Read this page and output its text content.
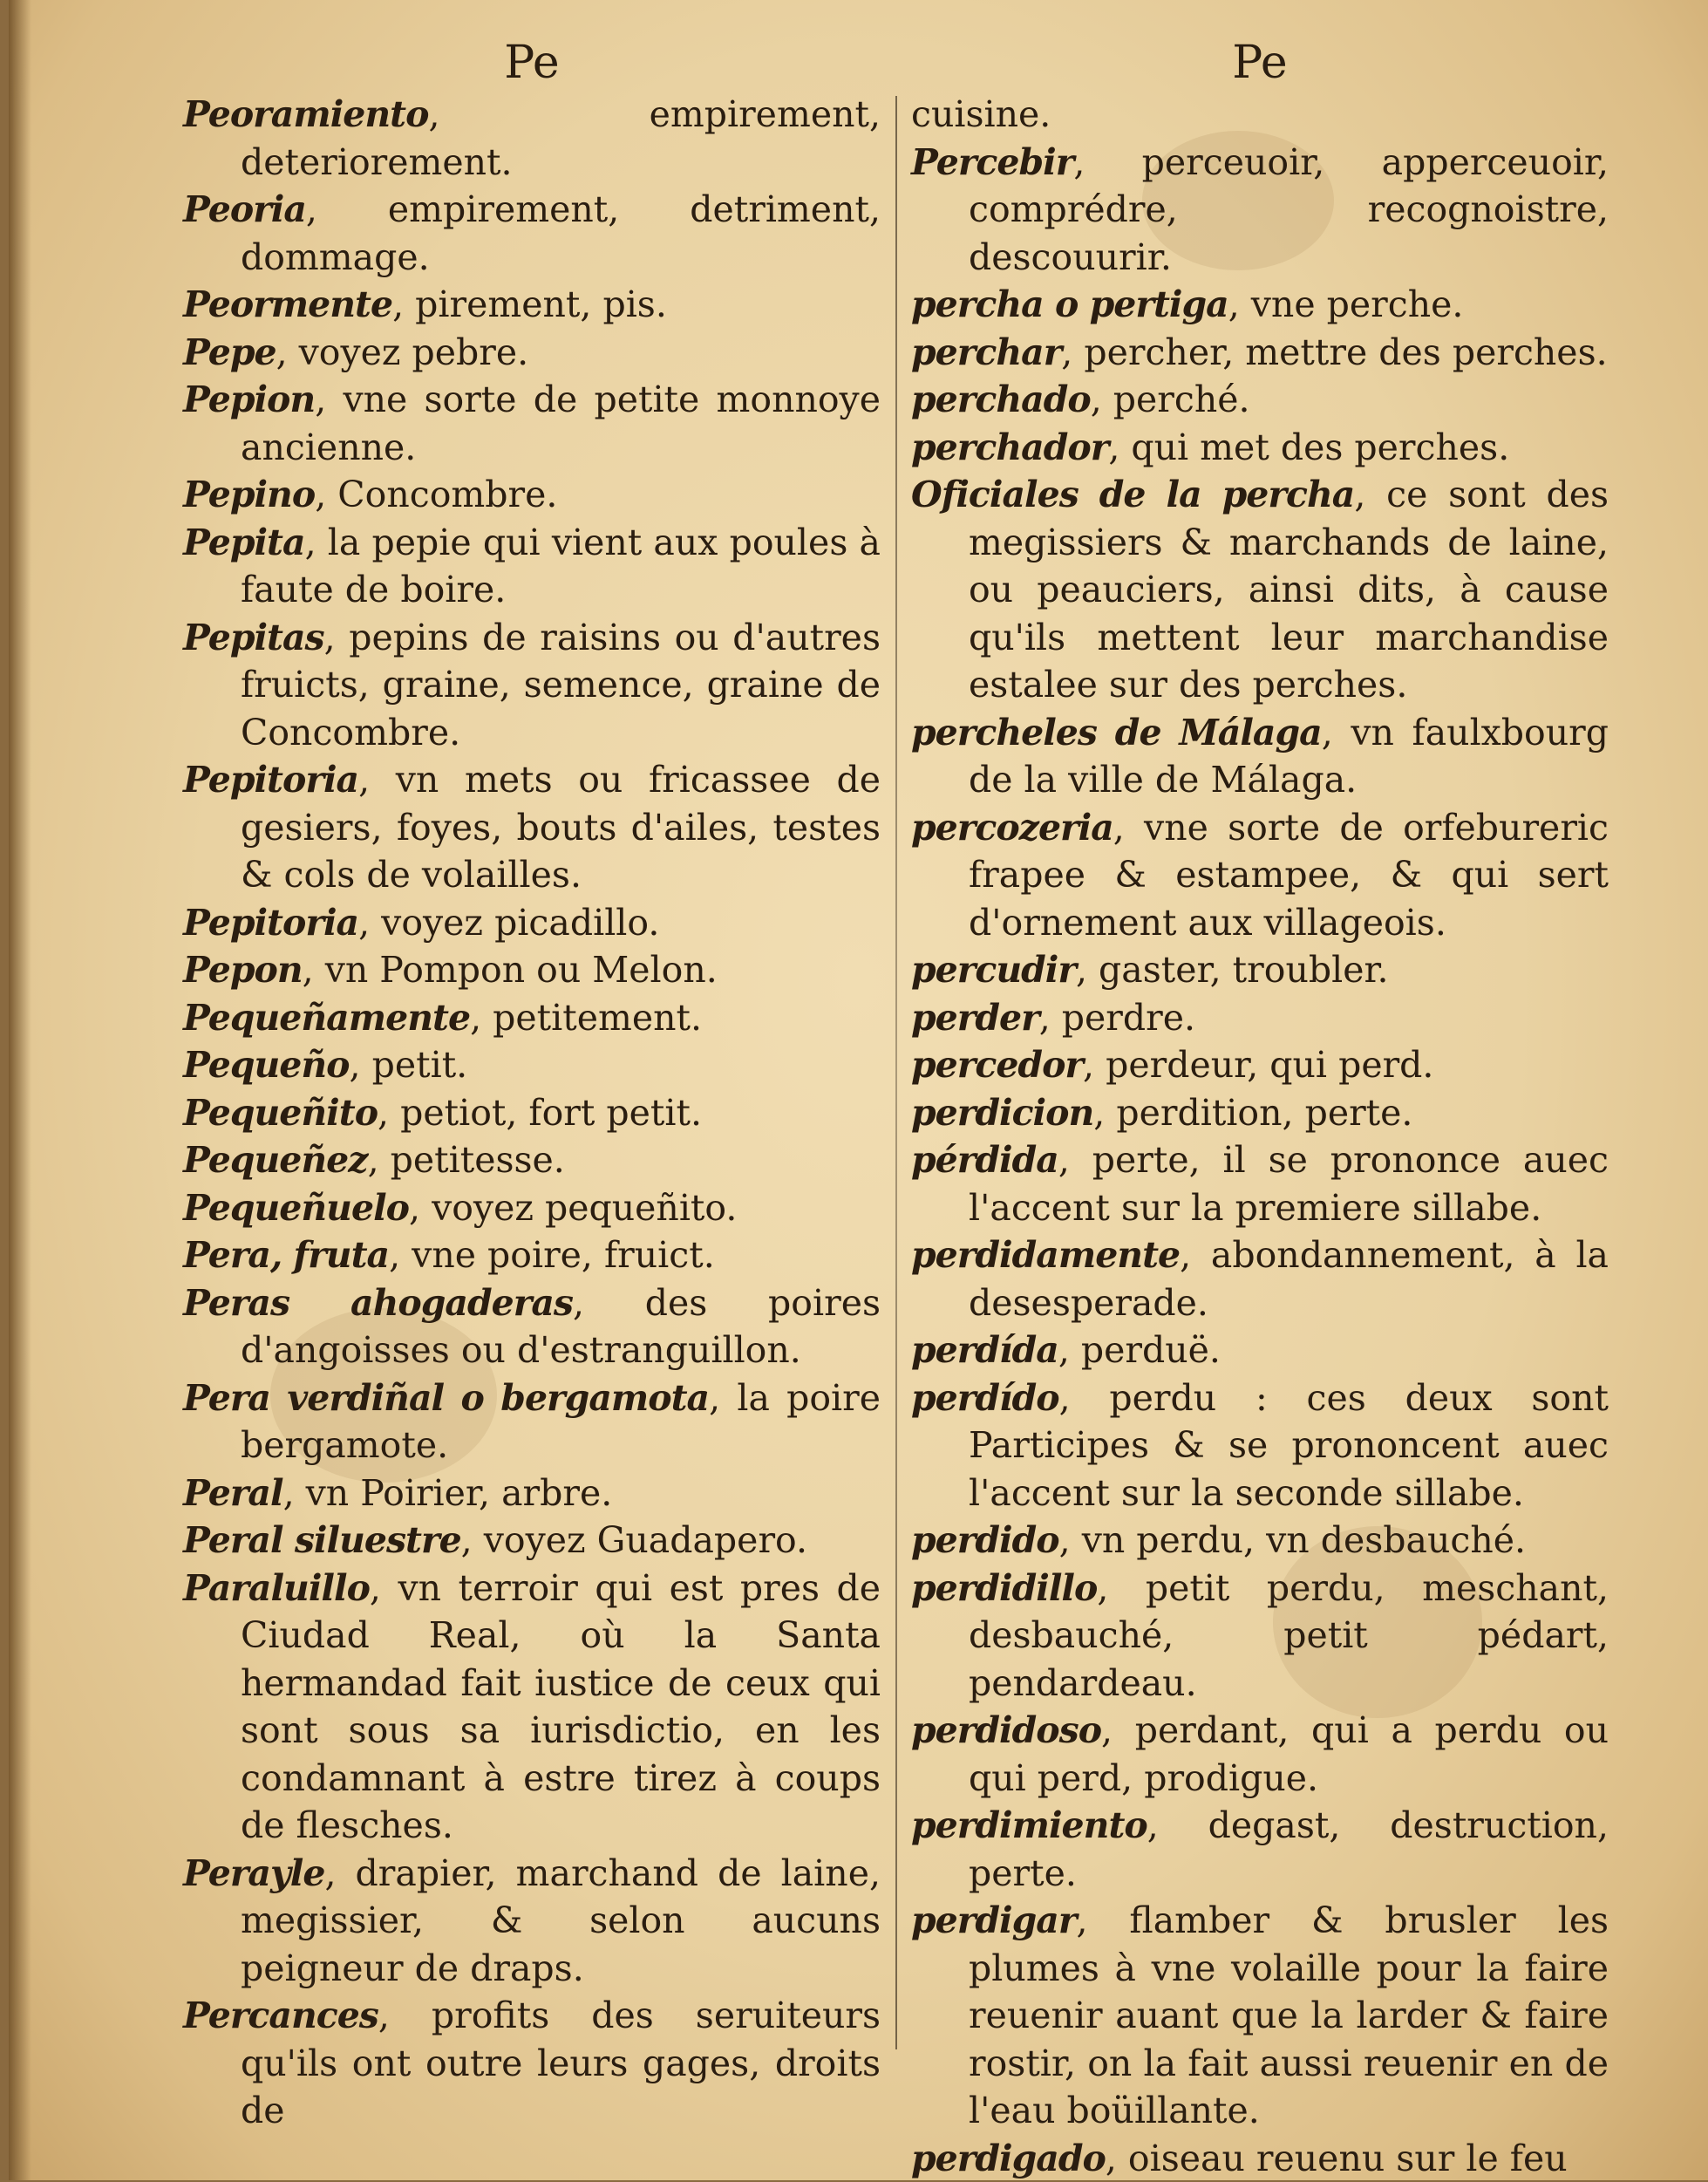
Pe

Peoramiento, empirement, deteriorement.

Peoria, empirement, detriment, dommage.

Peormente, pirement, pis.

Pepe, voyez pebre.

Pepion, vne sorte de petite monnoye ancienne.

Pepino, Concombre.

Pepita, la pepie qui vient aux poules à faute de boire.

Pepitas, pepins de raisins ou d'autres fruicts, graine, semence, graine de Concombre.

Pepitoria, vn mets ou fricassee de gesiers, foyes, bouts d'ailes, testes & cols de volailles.

Pepitoria, voyez picadillo.

Pepon, vn Pompon ou Melon.

Pequeñamente, petitement.

Pequeño, petit.

Pequeñito, petiot, fort petit.

Pequeñez, petitesse.

Pequeñuelo, voyez pequeñito.

Pera, fruta, vne poire, fruict.

Peras ahogaderas, des poires d'angoisses ou d'estranguillon.

Pera verdiñal o bergamota, la poire bergamote.

Peral, vn Poirier, arbre.

Peral siluestre, voyez Guadapero.

Paraluillo, vn terroir qui est pres de Ciudad Real, où la Santa hermandad fait iustice de ceux qui sont sous sa iurisdictio, en les condamnant à estre tirez à coups de flesches.

Perayle, drapier, marchand de laine, megissier, & selon aucuns peigneur de draps.

Percances, profits des seruiteurs qu'ils ont outre leurs gages, droits de

Pe

cuisine.

Percebir, perceuoir, apperceuoir, comprédre, recognoistre, descouurir.

percha o pertiga, vne perche.

perchar, percher, mettre des perches.

perchado, perché.

perchador, qui met des perches.

Oficiales de la percha, ce sont des megissiers & marchands de laine, ou peauciers, ainsi dits, à cause qu'ils mettent leur marchandise estalee sur des perches.

percheles de Málaga, vn faulxbourg de la ville de Málaga.

percozeria, vne sorte de orfebureric frapee & estampee, & qui sert d'ornement aux villageois.

percudir, gaster, troubler.

perder, perdre.

percedor, perdeur, qui perd.

perdicion, perdition, perte.

pérdida, perte, il se prononce auec l'accent sur la premiere sillabe.

perdidamente, abondannement, à la desesperade.

perdída, perduë.

perdído, perdu : ces deux sont Participes & se prononcent auec l'accent sur la seconde sillabe.

perdido, vn perdu, vn desbauché.

perdidillo, petit perdu, meschant, desbauché, petit pédart, pendardeau.

perdidoso, perdant, qui a perdu ou qui perd, prodigue.

perdimiento, degast, destruction, perte.

perdigar, flamber & brusler les plumes à vne volaille pour la faire reuenir auant que la larder & faire rostir, on la fait aussi reuenir en de l'eau boüillante.

perdigado, oiseau reuenu sur le feu
